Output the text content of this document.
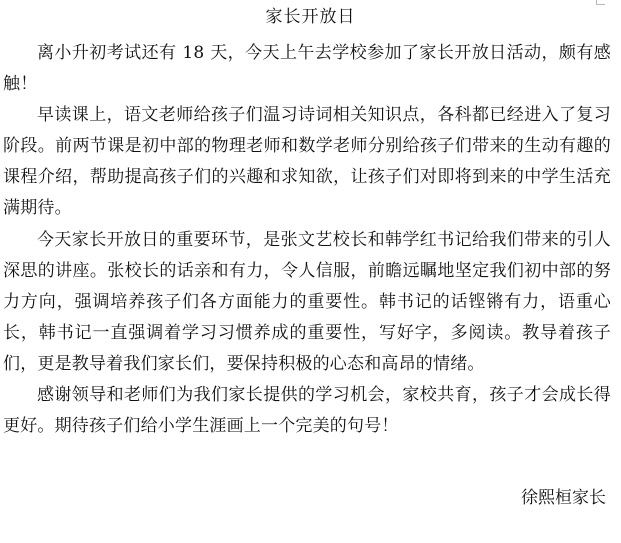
家长开放日

离小升初考试还有 18 天，今天上午去学校参加了家长开放日活动，颇有感触！

早读课上，语文老师给孩子们温习诗词相关知识点，各科都已经进入了复习阶段。前两节课是初中部的物理老师和数学老师分别给孩子们带来的生动有趣的课程介绍，帮助提高孩子们的兴趣和求知欲，让孩子们对即将到来的中学生活充满期待。

今天家长开放日的重要环节，是张文艺校长和韩学红书记给我们带来的引人深思的讲座。张校长的话亲和有力，令人信服，前瞻远瞩地坚定我们初中部的努力方向，强调培养孩子们各方面能力的重要性。韩书记的话铿锵有力，语重心长，韩书记一直强调着学习习惯养成的重要性，写好字，多阅读。教导着孩子们，更是教导着我们家长们，要保持积极的心态和高昂的情绪。

感谢领导和老师们为我们家长提供的学习机会，家校共育，孩子才会成长得更好。期待孩子们给小学生涯画上一个完美的句号！

徐熙桓家长
